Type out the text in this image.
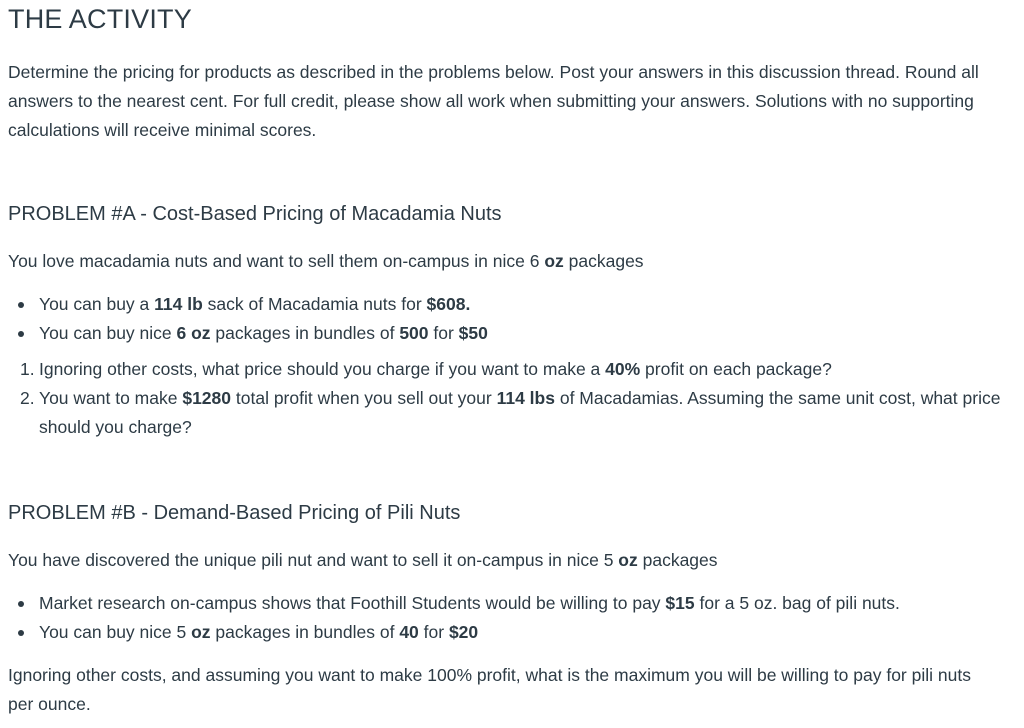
THE ACTIVITY

Determine the pricing for products as described in the problems below. Post your answers in this discussion thread. Round all answers to the nearest cent. For full credit, please show all work when submitting your answers. Solutions with no supporting calculations will receive minimal scores.

PROBLEM #A - Cost-Based Pricing of Macadamia Nuts

You love macadamia nuts and want to sell them on-campus in nice 6 oz packages

You can buy a 114 lb sack of Macadamia nuts for $608.
You can buy nice 6 oz packages in bundles of 500 for $50
1. Ignoring other costs, what price should you charge if you want to make a 40% profit on each package?
2. You want to make $1280 total profit when you sell out your 114 lbs of Macadamias. Assuming the same unit cost, what price should you charge?
PROBLEM #B - Demand-Based Pricing of Pili Nuts

You have discovered the unique pili nut and want to sell it on-campus in nice 5 oz packages

Market research on-campus shows that Foothill Students would be willing to pay $15 for a 5 oz. bag of pili nuts.
You can buy nice 5 oz packages in bundles of 40 for $20

Ignoring other costs, and assuming you want to make 100% profit, what is the maximum you will be willing to pay for pili nuts per ounce.
